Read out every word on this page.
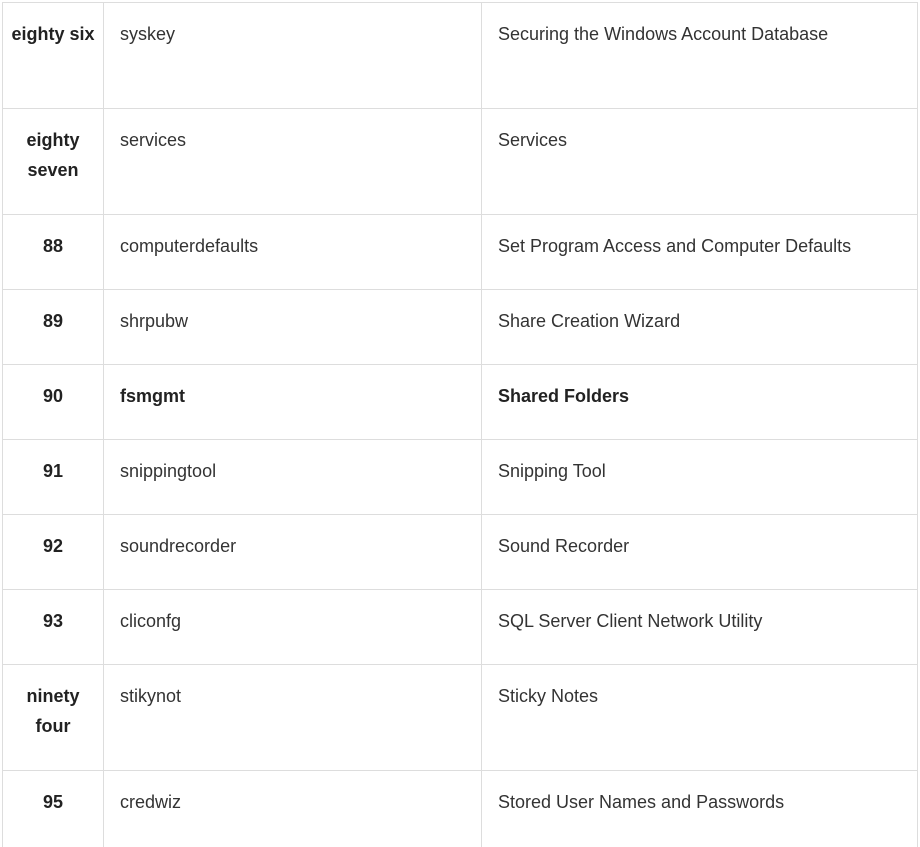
eighty six	syskey	Securing the Windows Account Database
eighty seven	services	Services
88	computerdefaults	Set Program Access and Computer Defaults
89	shrpubw	Share Creation Wizard
90	fsmgmt	Shared Folders
91	snippingtool	Snipping Tool
92	soundrecorder	Sound Recorder
93	cliconfg	SQL Server Client Network Utility
ninety four	stikynot	Sticky Notes
95	credwiz	Stored User Names and Passwords
